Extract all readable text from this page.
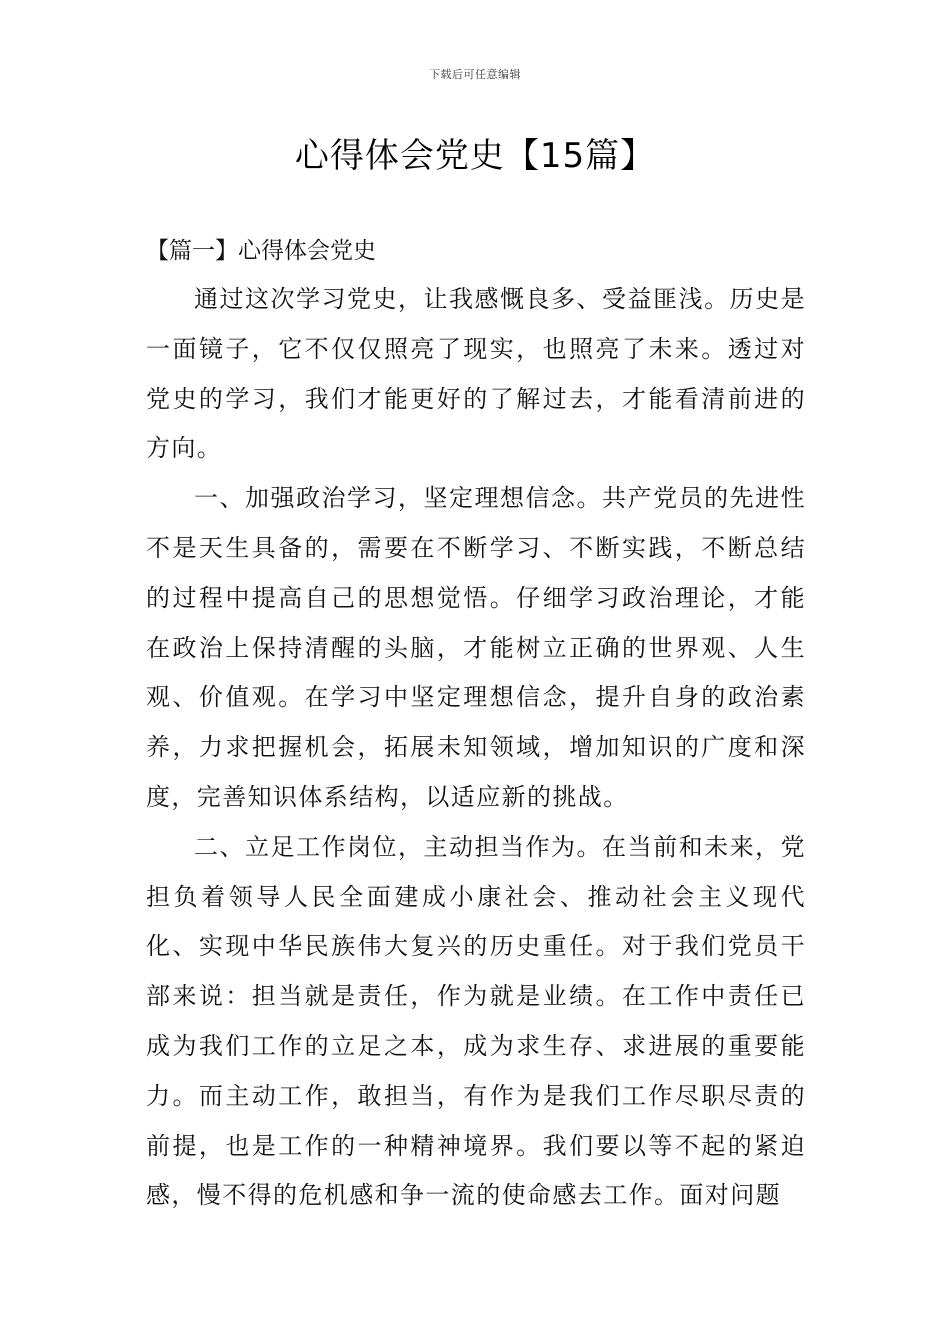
下载后可任意编辑
心得体会党史【15篇】
【篇一】心得体会党史

通过这次学习党史，让我感慨良多、受益匪浅。历史是一面镜子，它不仅仅照亮了现实，也照亮了未来。透过对党史的学习，我们才能更好的了解过去，才能看清前进的方向。

一、加强政治学习，坚定理想信念。共产党员的先进性不是天生具备的，需要在不断学习、不断实践，不断总结的过程中提高自己的思想觉悟。仔细学习政治理论，才能在政治上保持清醒的头脑，才能树立正确的世界观、人生观、价值观。在学习中坚定理想信念，提升自身的政治素养，力求把握机会，拓展未知领域，增加知识的广度和深度，完善知识体系结构，以适应新的挑战。

二、立足工作岗位，主动担当作为。在当前和未来，党担负着领导人民全面建成小康社会、推动社会主义现代化、实现中华民族伟大复兴的历史重任。对于我们党员干部来说：担当就是责任，作为就是业绩。在工作中责任已成为我们工作的立足之本，成为求生存、求进展的重要能力。而主动工作，敢担当，有作为是我们工作尽职尽责的前提，也是工作的一种精神境界。我们要以等不起的紧迫感，慢不得的危机感和争一流的使命感去工作。面对问题
